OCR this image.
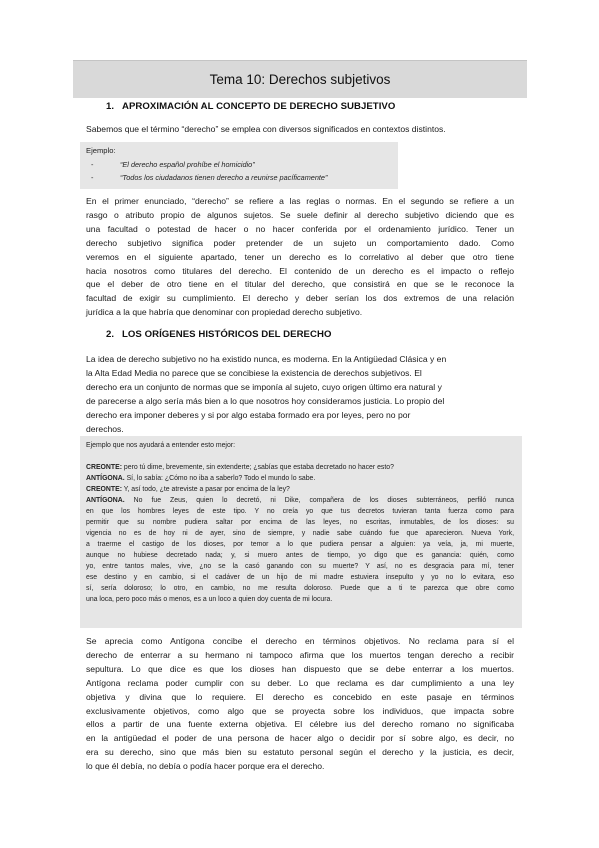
Tema 10: Derechos subjetivos
1. APROXIMACIÓN AL CONCEPTO DE DERECHO SUBJETIVO
Sabemos que el término “derecho” se emplea con diversos significados en contextos distintos.
Ejemplo:
-	“El derecho español prohíbe el homicidio”
-	“Todos los ciudadanos tienen derecho a reunirse pacíficamente”
En el primer enunciado, “derecho” se refiere a las reglas o normas. En el segundo se refiere a un
rasgo o atributo propio de algunos sujetos. Se suele definir al derecho subjetivo diciendo que es
una facultad o potestad de hacer o no hacer conferida por el ordenamiento jurídico. Tener un
derecho subjetivo significa poder pretender de un sujeto un comportamiento dado. Como
veremos en el siguiente apartado, tener un derecho es lo correlativo al deber que otro tiene
hacia nosotros como titulares del derecho. El contenido de un derecho es el impacto o reflejo
que el deber de otro tiene en el titular del derecho, que consistirá en que se le reconoce la
facultad de exigir su cumplimiento. El derecho y deber serían los dos extremos de una relación
jurídica a la que habría que denominar con propiedad derecho subjetivo.
2. LOS ORÍGENES HISTÓRICOS DEL DERECHO
La idea de derecho subjetivo no ha existido nunca, es moderna. En la Antigüedad Clásica y en
la Alta Edad Media no parece que se concibiese la existencia de derechos subjetivos. El
derecho era un conjunto de normas que se imponía al sujeto, cuyo origen último era natural y
de parecerse a algo sería más bien a lo que nosotros hoy consideramos justicia. Lo propio del
derecho era imponer deberes y si por algo estaba formado era por leyes, pero no por
derechos.
Ejemplo que nos ayudará a entender esto mejor:
CREONTE: pero tú dime, brevemente, sin extenderte; ¿sabías que estaba decretado no hacer esto?
ANTÍGONA. Sí, lo sabía: ¿Cómo no iba a saberlo? Todo el mundo lo sabe.
CREONTE: Y, así todo, ¿te atreviste a pasar por encima de la ley?
ANTÍGONA. No fue Zeus, quien lo decretó, ni Dike, compañera de los dioses subterráneos, perfiló nunca
en que los hombres leyes de este tipo. Y no creía yo que tus decretos tuvieran tanta fuerza como para
permitir que su nombre pudiera saltar por encima de las leyes, no escritas, inmutables, de los dioses: su
vigencia no es de hoy ni de ayer, sino de siempre, y nadie sabe cuándo fue que aparecieron. Nueva York,
a traerme el castigo de los dioses, por temor a lo que pudiera pensar a alguien: ya veía, ja, mi muerte,
aunque no hubiese decretado nada; y, si muero antes de tiempo, yo digo que es ganancia: quién, como
yo, entre tantos males, vive, ¿no se la casó ganando con su muerte? Y así, no es desgracia para mí, tener
ese destino y en cambio, si el cadáver de un hijo de mi madre estuviera insepulto y yo no lo evitara, eso
sí, sería doloroso; lo otro, en cambio, no me resulta doloroso. Puede que a ti te parezca que obre como
una loca, pero poco más o menos, es a un loco a quien doy cuenta de mi locura.
Se aprecia como Antígona concibe el derecho en términos objetivos. No reclama para sí el
derecho de enterrar a su hermano ni tampoco afirma que los muertos tengan derecho a recibir
sepultura. Lo que dice es que los dioses han dispuesto que se debe enterrar a los muertos.
Antígona reclama poder cumplir con su deber. Lo que reclama es dar cumplimiento a una ley
objetiva y divina que lo requiere. El derecho es concebido en este pasaje en términos
exclusivamente objetivos, como algo que se proyecta sobre los individuos, que impacta sobre
ellos a partir de una fuente externa objetiva. El célebre ius del derecho romano no significaba
en la antigüedad el poder de una persona de hacer algo o decidir por sí sobre algo, es decir, no
era su derecho, sino que más bien su estatuto personal según el derecho y la justicia, es decir,
lo que él debía, no debía o podía hacer porque era el derecho.
